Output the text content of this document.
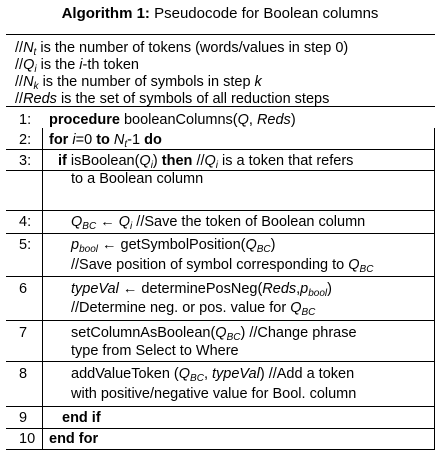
Algorithm 1: Pseudocode for Boolean columns
$//N_t$ is the number of tokens (words/values in step 0)
$//Q_i$ is the i-th token
$//N_k$ is the number of symbols in step k
//Reds is the set of symbols of all reduction steps
1: procedure booleanColumns(Q, Reds)
2: for i=0 to $N_t-1$ do
3: if $isBoolean(Q_i)$ then $//Q_i$ is a token that refers
to a Boolean column
4:	$Q_{BC}$ ← $Q_i$ //Save the token of Boolean column
5:	$p_{bool}$ ← $getSymbolPosition(Q_{BC})$
//Save position of symbol corresponding to $Q_{BC}$
6	typeVal ← $determinePosNeg(Reds,p_{bool})$
//Determine neg. or pos. value for $Q_{BC}$
7	$setColumnAsBoolean(Q_{BC})$ //Change phrase
type from Select to Where
8	addValueToken ($Q_{BC}$, typeVal) //Add a token
with positive/negative value for Bool. column
9 end if
10 end for
